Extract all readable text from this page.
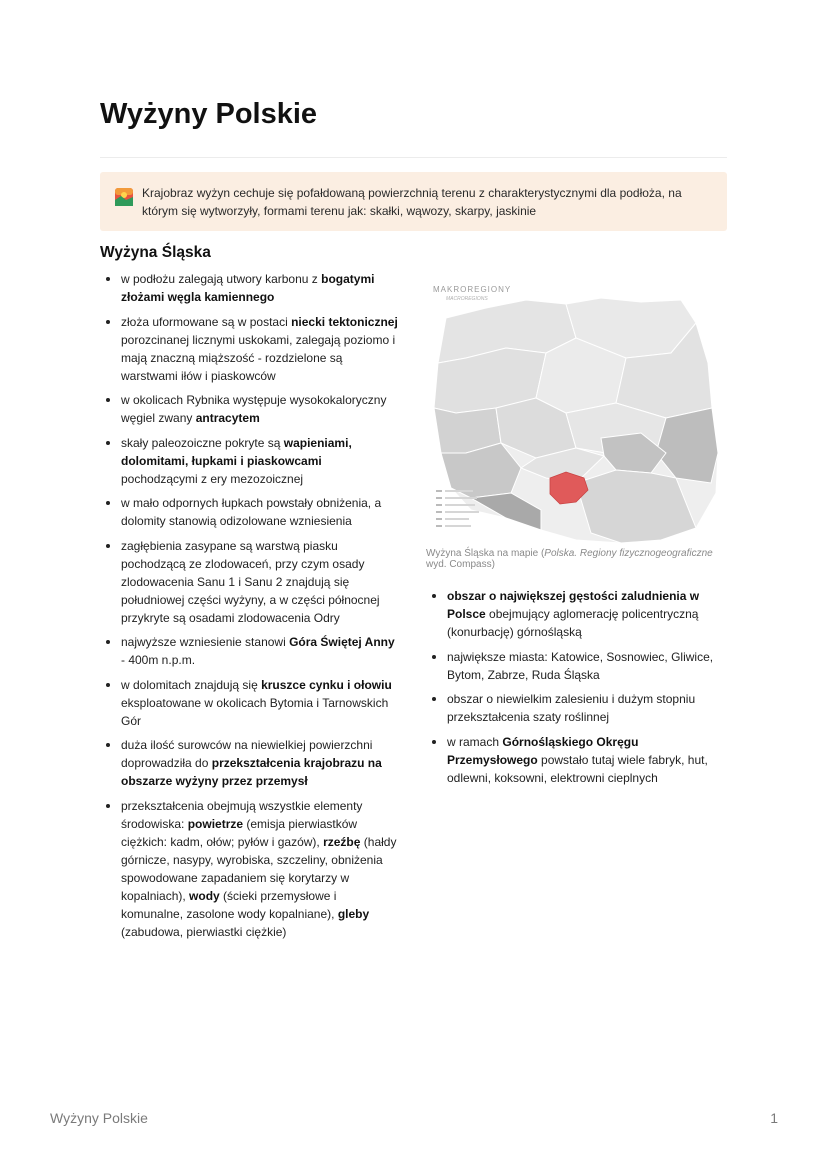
Wyżyny Polskie
Krajobraz wyżyn cechuje się pofałdowaną powierzchnią terenu z charakterystycznymi dla podłoża, na którym się wytworzyły, formami terenu jak: skałki, wąwozy, skarpy, jaskinie
Wyżyna Śląska
w podłożu zalegają utwory karbonu z bogatymi złożami węgla kamiennego
złoża uformowane są w postaci niecki tektonicznej porozcinanej licznymi uskokami, zalegają poziomo i mają znaczną miąższość - rozdzielone są warstwami iłów i piaskowców
w okolicach Rybnika występuje wysokokaloryczny węgiel zwany antracytem
skały paleozoiczne pokryte są wapieniami, dolomitami, łupkami i piaskowcami pochodzącymi z ery mezozoicznej
w mało odpornych łupkach powstały obniżenia, a dolomity stanowią odizolowane wzniesienia
zagłębienia zasypane są warstwą piasku pochodzącą ze zlodowaceń, przy czym osady zlodowacenia Sanu 1 i Sanu 2 znajdują się południowej części wyżyny, a w części północnej przykryte są osadami zlodowacenia Odry
najwyższe wzniesienie stanowi Góra Świętej Anny - 400m n.p.m.
w dolomitach znajdują się kruszce cynku i ołowiu eksploatowane w okolicach Bytomia i Tarnowskich Gór
duża ilość surowców na niewielkiej powierzchni doprowadziła do przekształcenia krajobrazu na obszarze wyżyny przez przemysł
przekształcenia obejmują wszystkie elementy środowiska: powietrze (emisja pierwiastków ciężkich: kadm, ołów; pyłów i gazów), rzeźbę (hałdy górnicze, nasypy, wyrobiska, szczeliny, obniżenia spowodowane zapadaniem się korytarzy w kopalniach), wody (ścieki przemysłowe i komunalne, zasolone wody kopalniane), gleby (zabudowa, pierwiastki ciężkie)
MAKROREGIONY
MACROREGIONS
Wyżyna Śląska na mapie (Polska. Regiony fizycznogeograficzne wyd. Compass)
obszar o największej gęstości zaludnienia w Polsce obejmujący aglomerację policentryczną (konurbację) górnośląską
największe miasta: Katowice, Sosnowiec, Gliwice, Bytom, Zabrze, Ruda Śląska
obszar o niewielkim zalesieniu i dużym stopniu przekształcenia szaty roślinnej
w ramach Górnośląskiego Okręgu Przemysłowego powstało tutaj wiele fabryk, hut, odlewni, koksowni, elektrowni cieplnych
Wyżyny Polskie	1
